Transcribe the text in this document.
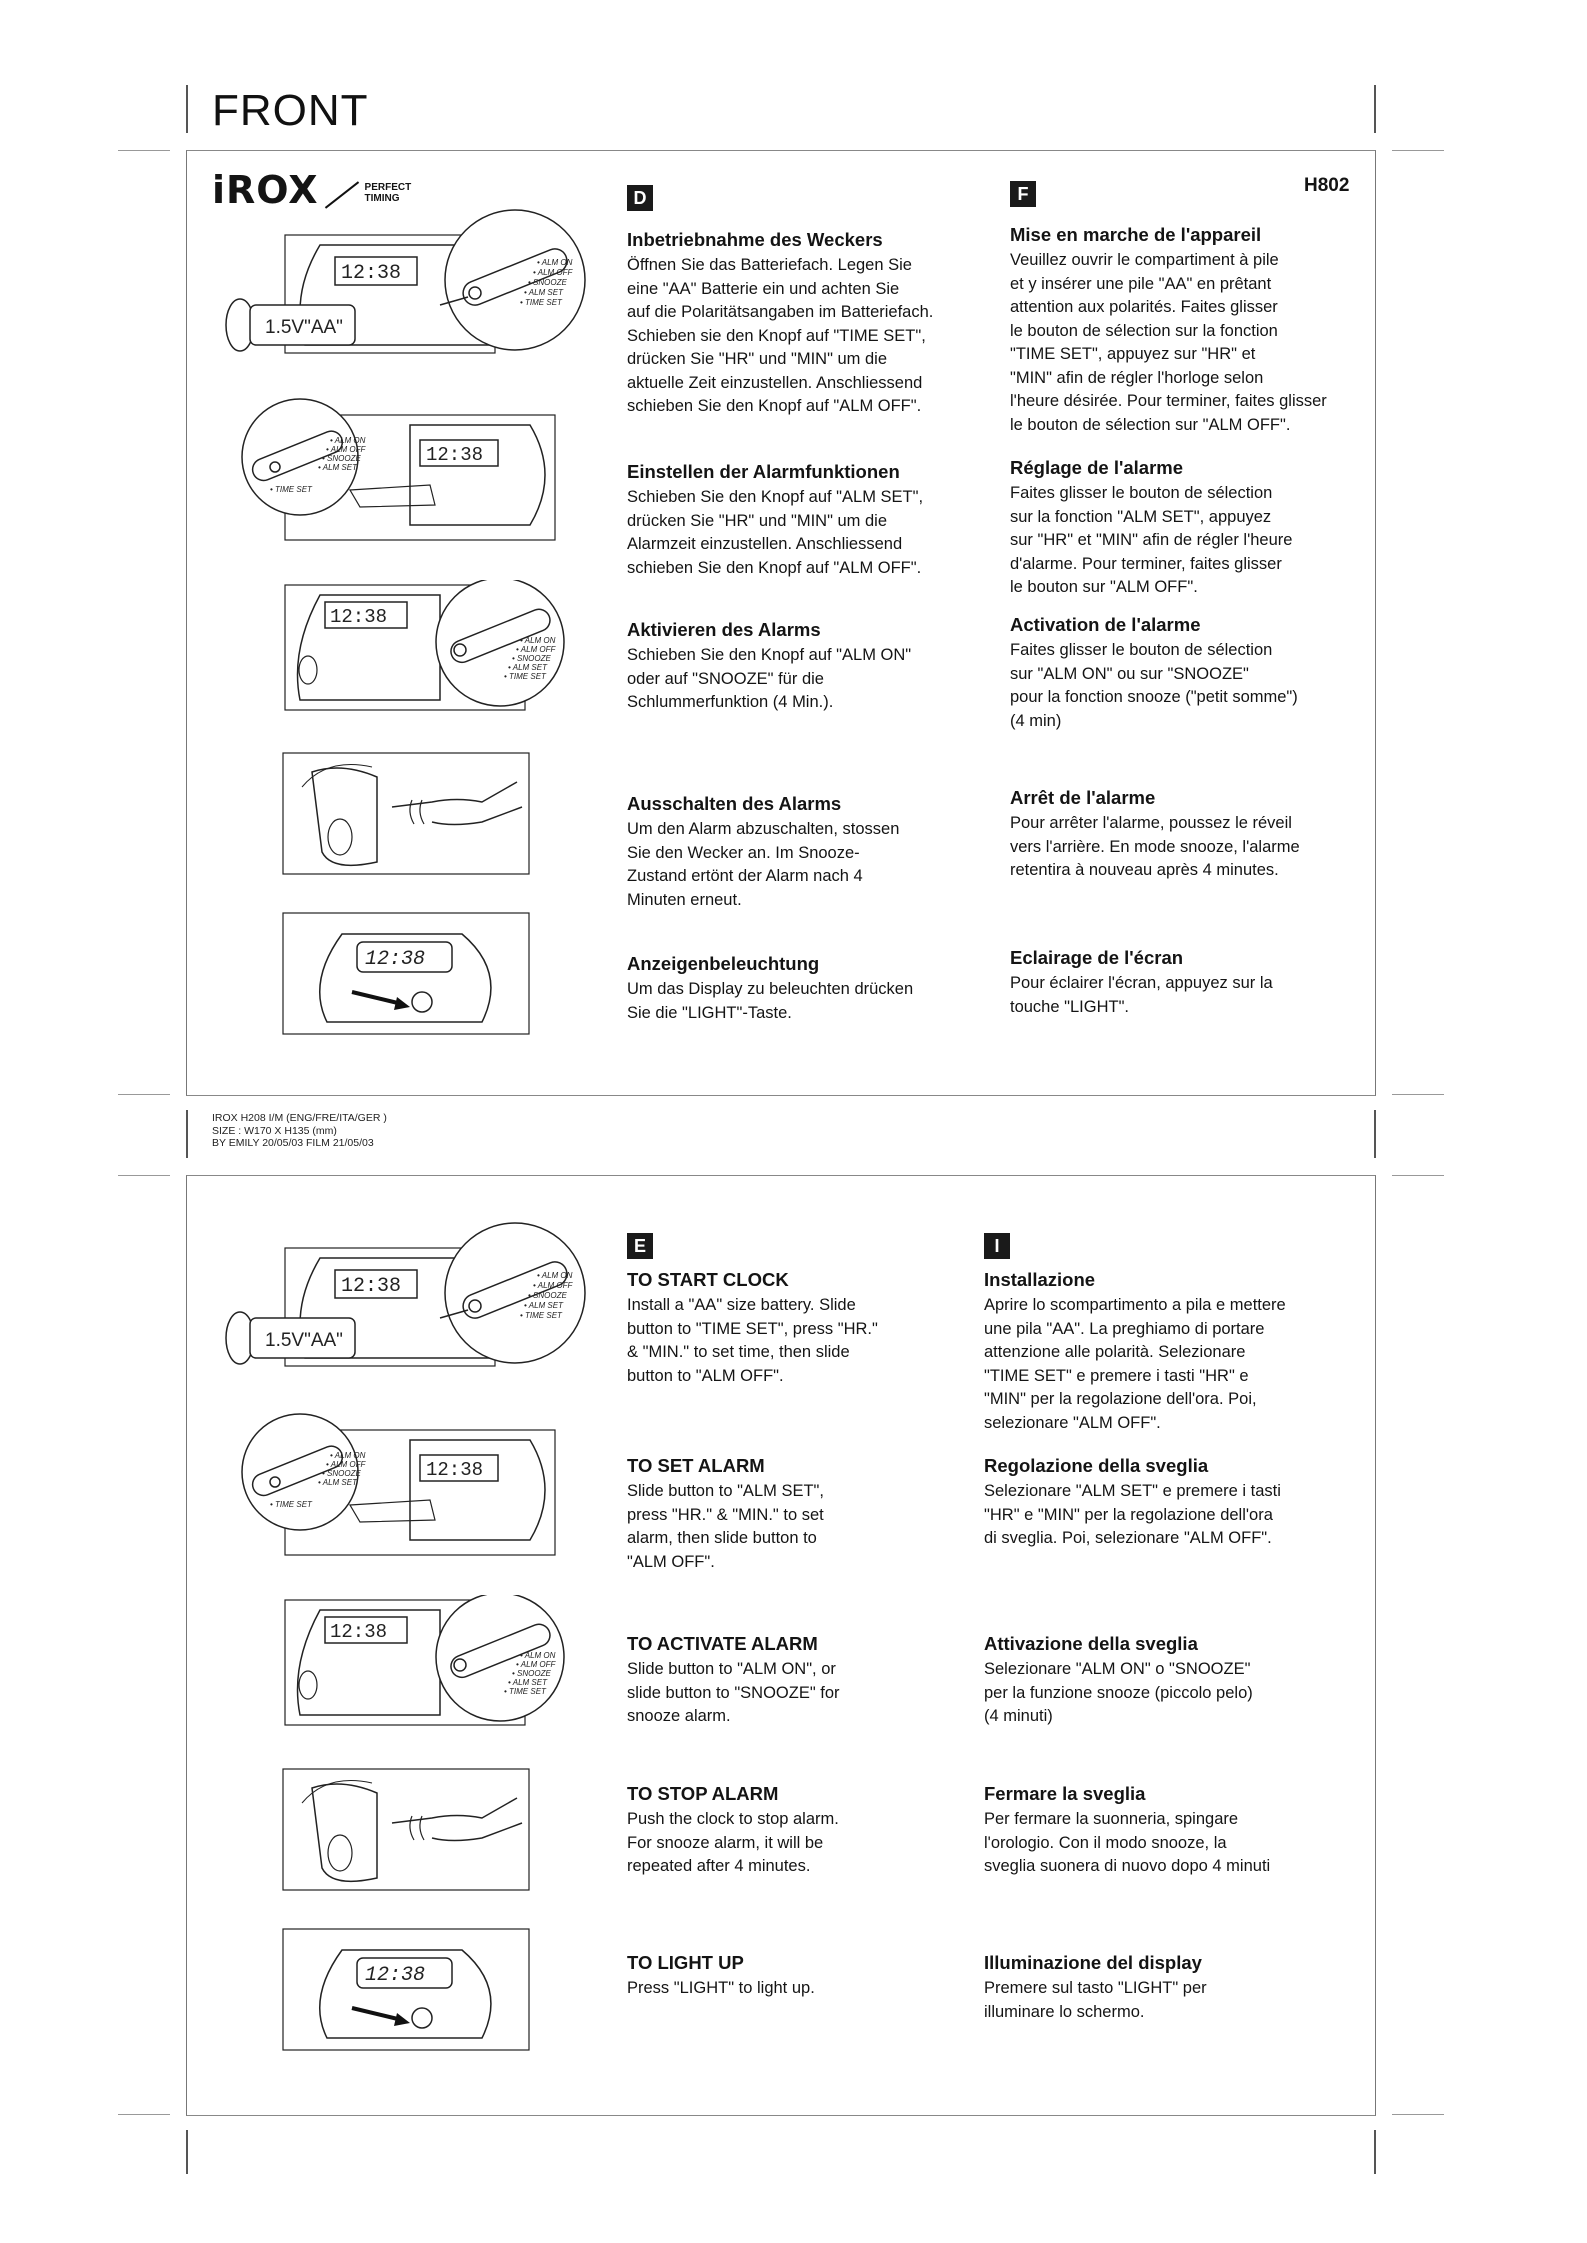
FRONT
iROX	PERFECT
TIMING
H802
12:38
1.5V"AA"
• ALM ON
• ALM OFF
• SNOOZE
• ALM SET
• TIME SET
12:38
• ALM ON
• ALM OFF
• SNOOZE
• ALM SET
• TIME SET
12:38
• ALM ON
• ALM OFF
• SNOOZE
• ALM SET
• TIME SET
12:38
12:38
1.5V"AA"
• ALM ON
• ALM OFF
• SNOOZE
• ALM SET
• TIME SET
12:38
• ALM ON
• ALM OFF
• SNOOZE
• ALM SET
• TIME SET
12:38
• ALM ON
• ALM OFF
• SNOOZE
• ALM SET
• TIME SET
12:38
D
Inbetriebnahme des Weckers

Öffnen Sie das Batteriefach. Legen Sie
eine "AA" Batterie ein und achten Sie
auf die Polaritätsangaben im Batteriefach.
Schieben sie den Knopf auf "TIME SET",
drücken Sie "HR" und "MIN" um die
aktuelle Zeit einzustellen. Anschliessend
schieben Sie den Knopf auf "ALM OFF".

Einstellen der Alarmfunktionen

Schieben Sie den Knopf auf "ALM SET",
drücken Sie "HR" und "MIN" um die
Alarmzeit einzustellen. Anschliessend
schieben Sie den Knopf auf "ALM OFF".

Aktivieren des Alarms

Schieben Sie den Knopf auf "ALM ON"
oder auf "SNOOZE" für die
Schlummerfunktion (4 Min.).

Ausschalten des Alarms

Um den Alarm abzuschalten, stossen
Sie den Wecker an. Im Snooze-
Zustand ertönt der Alarm nach 4
Minuten erneut.

Anzeigenbeleuchtung

Um das Display zu beleuchten drücken
Sie die "LIGHT"-Taste.

F
Mise en marche de l'appareil

Veuillez ouvrir le compartiment à pile
et y insérer une pile "AA" en prêtant
attention aux polarités. Faites glisser
le bouton de sélection sur la fonction
"TIME SET", appuyez sur "HR" et
"MIN" afin de régler l'horloge selon
l'heure désirée. Pour terminer, faites glisser
le bouton de sélection sur "ALM OFF".

Réglage de l'alarme

Faites glisser le bouton de sélection
sur la fonction "ALM SET", appuyez
sur "HR" et "MIN" afin de régler l'heure
d'alarme. Pour terminer, faites glisser
le bouton sur "ALM OFF".

Activation de l'alarme

Faites glisser le bouton de sélection
sur "ALM ON" ou sur "SNOOZE"
pour la fonction snooze ("petit somme")
(4 min)

Arrêt de l'alarme

Pour arrêter l'alarme, poussez le réveil
vers l'arrière. En mode snooze, l'alarme
retentira à nouveau après 4 minutes.

Eclairage de l'écran

Pour éclairer l'écran, appuyez sur la
touche "LIGHT".

IROX H208 I/M (ENG/FRE/ITA/GER )
SIZE : W170 X H135 (mm)
BY EMILY 20/05/03 FILM 21/05/03
E
TO START CLOCK

Install a "AA" size battery. Slide
button to "TIME SET", press "HR."
& "MIN." to set time, then slide
button to "ALM OFF".

TO SET ALARM

Slide button to "ALM SET",
press "HR." & "MIN." to set
alarm, then slide button to
"ALM OFF".

TO ACTIVATE ALARM

Slide button to "ALM ON", or
slide button to "SNOOZE" for
snooze alarm.

TO STOP ALARM

Push the clock to stop alarm.
For snooze alarm, it will be
repeated after 4 minutes.

TO LIGHT UP

Press "LIGHT" to light up.

I
Installazione

Aprire lo scompartimento a pila e mettere
une pila "AA". La preghiamo di portare
attenzione alle polarità. Selezionare
"TIME SET" e premere i tasti "HR" e
"MIN" per la regolazione dell'ora. Poi,
selezionare "ALM OFF".

Regolazione della sveglia

Selezionare "ALM SET" e premere i tasti
"HR" e "MIN" per la regolazione dell'ora
di sveglia. Poi, selezionare "ALM OFF".

Attivazione della sveglia

Selezionare "ALM ON" o "SNOOZE"
per la funzione snooze (piccolo pelo)
(4 minuti)

Fermare la sveglia

Per fermare la suonneria, spingare
l'orologio. Con il modo snooze, la
sveglia suonera di nuovo dopo 4 minuti

Illuminazione del display

Premere sul tasto "LIGHT" per
illuminare lo schermo.
